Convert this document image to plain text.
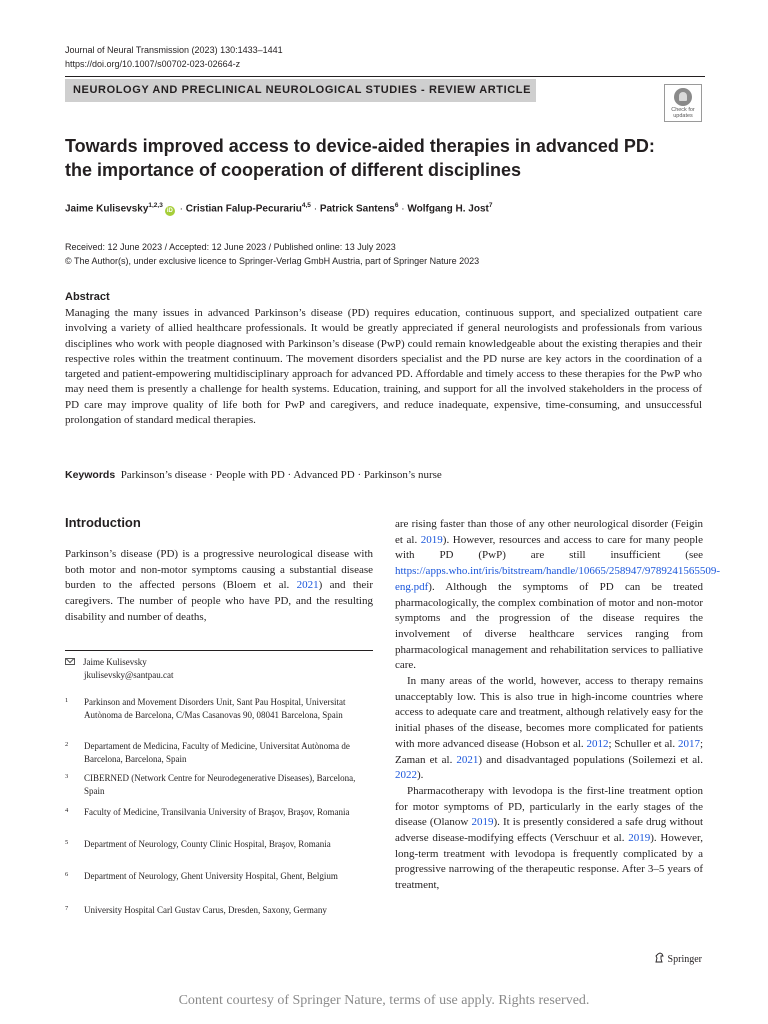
Journal of Neural Transmission (2023) 130:1433–1441
https://doi.org/10.1007/s00702-023-02664-z
NEUROLOGY AND PRECLINICAL NEUROLOGICAL STUDIES - REVIEW ARTICLE
Check for
updates
Towards improved access to device-aided therapies in advanced PD:
the importance of cooperation of different disciplines
Jaime Kulisevsky$^{1,2,3}$iD · Cristian Falup-Pecurariu$^{4,5}$ · Patrick Santens$^6$ · Wolfgang H. Jost$^7$
Received: 12 June 2023 / Accepted: 12 June 2023 / Published online: 13 July 2023
© The Author(s), under exclusive licence to Springer-Verlag GmbH Austria, part of Springer Nature 2023
Abstract
Managing the many issues in advanced Parkinson’s disease (PD) requires education, continuous support, and specialized outpatient care involving a variety of allied healthcare professionals. It would be greatly appreciated if general neurologists and professionals from various disciplines who work with people diagnosed with Parkinson’s disease (PwP) could remain knowledgeable about the existing therapies and their respective roles within the treatment continuum. The movement disorders specialist and the PD nurse are key actors in the coordination of a targeted and patient-empowering multidisciplinary approach for advanced PD. Affordable and timely access to these therapies for the PwP who may need them is presently a challenge for health systems. Education, training, and support for all the involved stakeholders in the process of PD care may improve quality of life both for PwP and caregivers, and reduce inadequate, expensive, time-consuming, and unsuccessful prolongation of standard medical therapies.
Keywords Parkinson’s disease · People with PD · Advanced PD · Parkinson’s nurse
Introduction

Parkinson’s disease (PD) is a progressive neurological disease with both motor and non-motor symptoms causing a substantial disease burden to the affected persons (Bloem et al. 2021) and their caregivers. The number of people who have PD, and the resulting disability and number of deaths,

Jaime Kulisevsky
jkulisevsky@santpau.cat
1 Parkinson and Movement Disorders Unit, Sant Pau Hospital, Universitat Autònoma de Barcelona, C/Mas Casanovas 90, 08041 Barcelona, Spain
2 Departament de Medicina, Faculty of Medicine, Universitat Autònoma de Barcelona, Barcelona, Spain
3 CIBERNED (Network Centre for Neurodegenerative Diseases), Barcelona, Spain
4 Faculty of Medicine, Transilvania University of Braşov, Braşov, Romania
5 Department of Neurology, County Clinic Hospital, Braşov, Romania
6 Department of Neurology, Ghent University Hospital, Ghent, Belgium
7 University Hospital Carl Gustav Carus, Dresden, Saxony, Germany

are rising faster than those of any other neurological disorder (Feigin et al. 2019). However, resources and access to care for many people with PD (PwP) are still insufficient (see https://apps.who.int/iris/bitstream/handle/10665/258947/9789241565509-eng.pdf). Although the symptoms of PD can be treated pharmacologically, the complex combination of motor and non-motor symptoms and the progression of the disease requires the involvement of diverse healthcare services ranging from pharmacological management and rehabilitation services to palliative care.

In many areas of the world, however, access to therapy remains unacceptably low. This is also true in high-income countries where access to adequate care and treatment, although relatively easy for the initial phases of the disease, becomes more complicated for patients with more advanced disease (Hobson et al. 2012; Schuller et al. 2017; Zaman et al. 2021) and disadvantaged populations (Soilemezi et al. 2022).

Pharmacotherapy with levodopa is the first-line treatment option for motor symptoms of PD, particularly in the early stages of the disease (Olanow 2019). It is presently considered a safe drug without adverse disease-modifying effects (Verschuur et al. 2019). However, long-term treatment with levodopa is frequently complicated by a progressive narrowing of the therapeutic response. After 3–5 years of treatment,

Springer
Content courtesy of Springer Nature, terms of use apply. Rights reserved.
